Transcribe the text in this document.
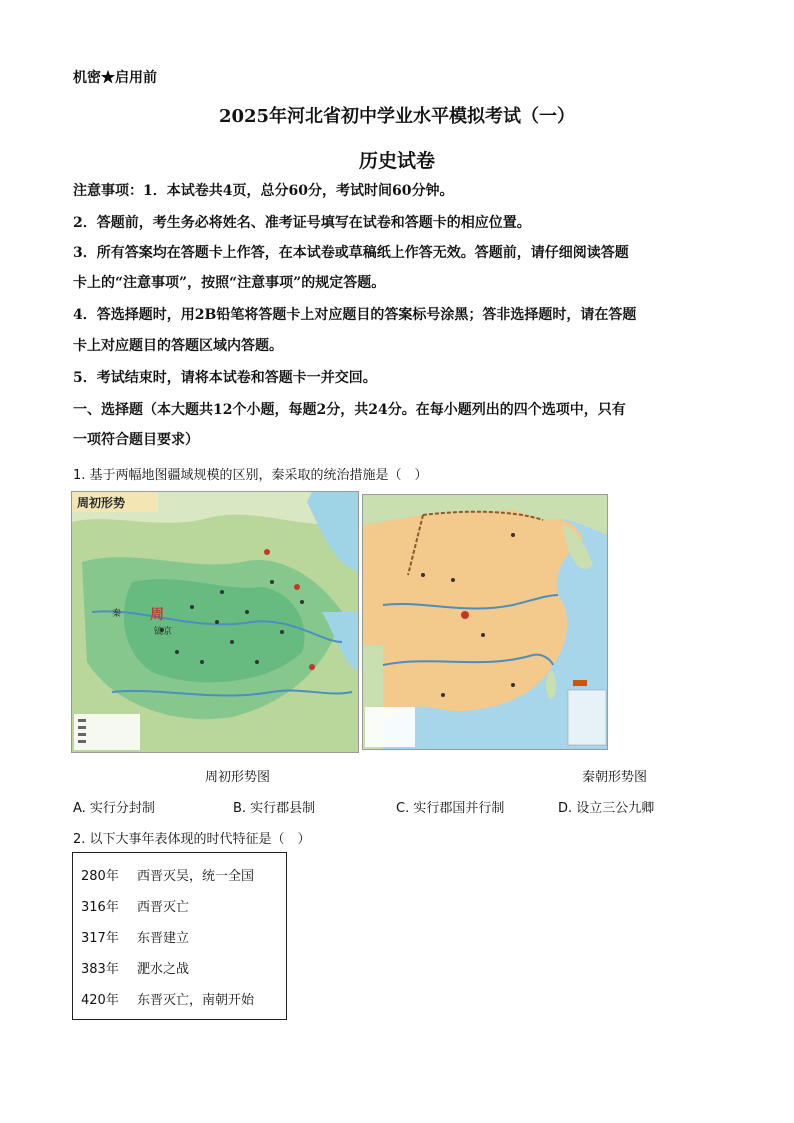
机密★启用前
2025年河北省初中学业水平模拟考试（一）
历史试卷
注意事项：1．本试卷共4页，总分60分，考试时间60分钟。
2．答题前，考生务必将姓名、准考证号填写在试卷和答题卡的相应位置。
3．所有答案均在答题卡上作答，在本试卷或草稿纸上作答无效。答题前，请仔细阅读答题
卡上的“注意事项”，按照“注意事项”的规定答题。
4．答选择题时，用2B铅笔将答题卡上对应题目的答案标号涂黑；答非选择题时，请在答题
卡上对应题目的答题区域内答题。
5．考试结束时，请将本试卷和答题卡一并交回。
一、选择题（本大题共12个小题，每题2分，共24分。在每小题列出的四个选项中，只有
一项符合题目要求）
1. 基于两幅地图疆域规模的区别，秦采取的统治措施是（　）
周初形势
周
镐京
秦
周初形势图	秦朝形势图
A. 实行分封制	B. 实行郡县制	C. 实行郡国并行制	D. 设立三公九卿
2. 以下大事年表体现的时代特征是（　）
280年 西晋灭吴，统一全国
316年 西晋灭亡
317年 东晋建立
383年 淝水之战
420年 东晋灭亡，南朝开始
